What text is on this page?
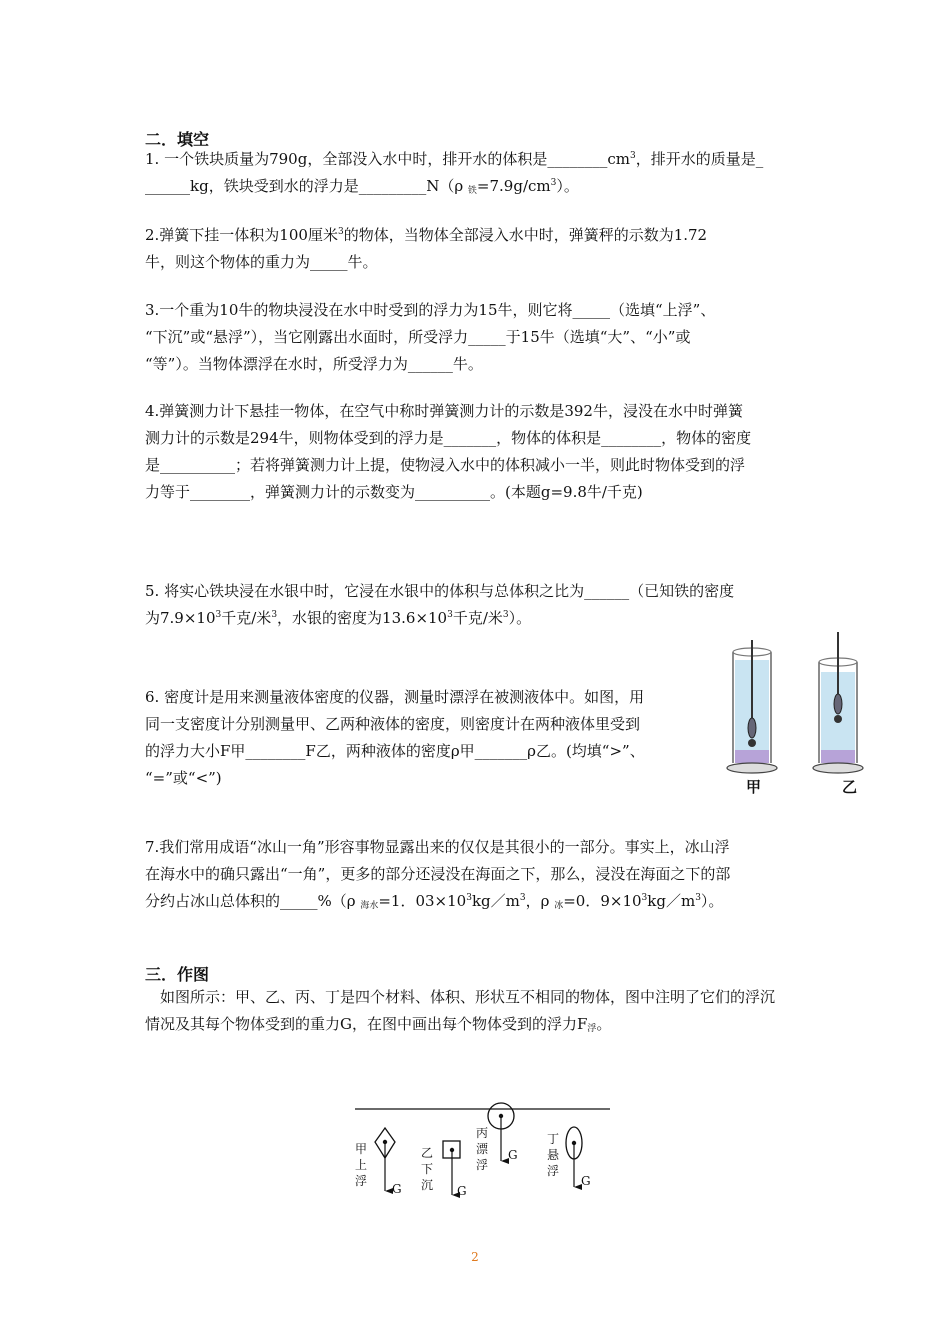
二．填空
1. 一个铁块质量为790g，全部没入水中时，排开水的体积是$\_\_\_\_\_\_\_\_cm^3$，排开水的质量是_
______kg，铁块受到水的浮力是_________N（ρ $_铁=7.9g/cm^3$）。
2.弹簧下挂一体积为100厘米$^3$的物体，当物体全部浸入水中时，弹簧秤的示数为1.72
牛，则这个物体的重力为_____牛。
3.一个重为10牛的物块浸没在水中时受到的浮力为15牛，则它将_____（选填“上浮”、
“下沉”或“悬浮”），当它刚露出水面时，所受浮力_____于15牛（选填“大”、“小”或
“等”）。当物体漂浮在水时，所受浮力为______牛。
4.弹簧测力计下悬挂一物体，在空气中称时弹簧测力计的示数是392牛，浸没在水中时弹簧
测力计的示数是294牛，则物体受到的浮力是_______，物体的体积是________，物体的密度
是__________；若将弹簧测力计上提，使物浸入水中的体积减小一半，则此时物体受到的浮
力等于________，弹簧测力计的示数变为__________。(本题g=9.8牛/千克)
5. 将实心铁块浸在水银中时，它浸在水银中的体积与总体积之比为______（已知铁的密度
为$7.9\times 10^3$千克/米$^3$，水银的密度为$13.6\times 10^3$千克/米$^3$）。
6. 密度计是用来测量液体密度的仪器，测量时漂浮在被测液体中。如图，用
同一支密度计分别测量甲、乙两种液体的密度，则密度计在两种液体里受到
的浮力大小F甲________F乙，两种液体的密度ρ甲_______ρ乙。(均填“>”、
“=”或“<”)	甲	乙
7.我们常用成语“冰山一角”形容事物显露出来的仅仅是其很小的一部分。事实上，冰山浮
在海水中的确只露出“一角”，更多的部分还浸没在海面之下，那么，浸没在海面之下的部
分约占冰山总体积的_____%（ρ $_{海水}$=1．$03\times 10^3kg/m^3$，ρ $_冰$=0．$9\times 10^3kg/m^3$）。
三．作图
如图所示：甲、乙、丙、丁是四个材料、体积、形状互不相同的物体，图中注明了它们的浮沉
情况及其每个物体受到的重力G，在图中画出每个物体受到的浮力$F_浮$。
甲
上
浮
G
乙
下
沉 G
丙
漂
浮
G
丁
悬
浮
G
2
